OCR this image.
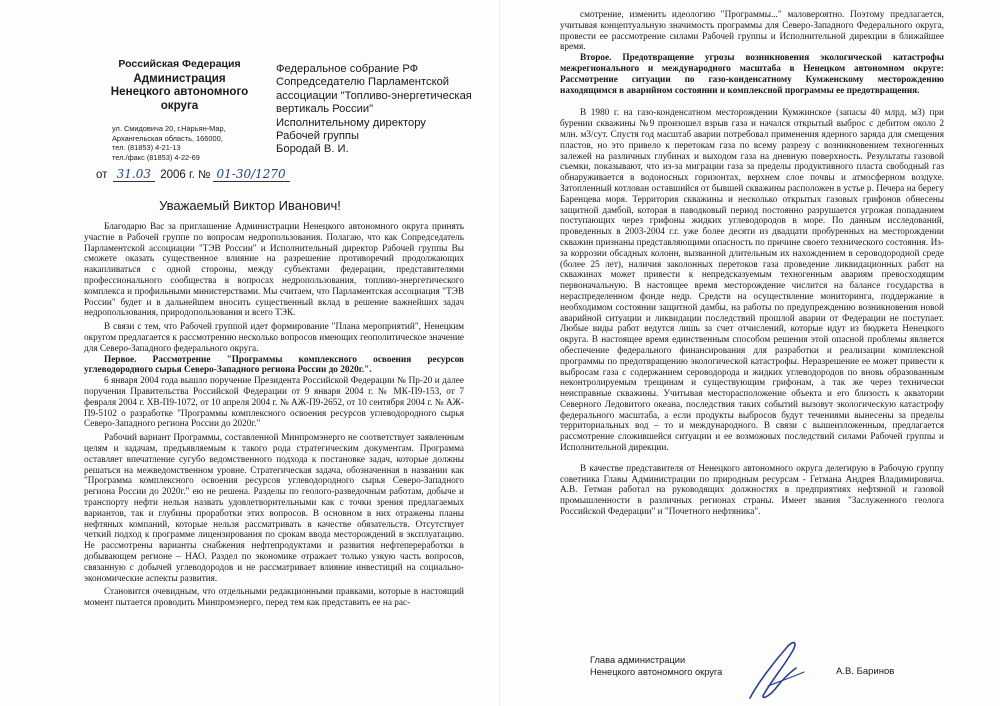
Российская Федерация
Администрация
Ненецкого автономного
округа
ул. Смидовича 20, г.Нарьян-Мар,
Архангельская область, 166000,
тел. (81853) 4-21-13
тел./факс (81853) 4-22-69
Федеральное собрание РФ
Сопредседателю Парламентской
ассоциации "Топливо-энергетическая
вертикаль России"
Исполнительному директору
Рабочей группы
Бородай В. И.
от 31.03 2006 г. № 01-30/1270
Уважаемый Виктор Иванович!

Благодарю Вас за приглашение Администрации Ненецкого автономного округа принять участие в Рабочей группе по вопросам недропользования. Полагаю, что как Сопредседатель Парламентской ассоциации "ТЭВ России" и Исполнительный директор Рабочей группы Вы сможете оказать существенное влияние на разрешение противоречий продолжающих накапливаться с одной стороны, между субъектами федерации, представителями профессионального сообщества в вопросах недропользования, топливо-энергетического комплекса и профильными министерствами. Мы считаем, что Парламентская ассоциация "ТЭВ России" будет и в дальнейшем вносить существенный вклад в решение важнейших задач недропользования, природопользования и всего ТЭК.

В связи с тем, что Рабочей группой идет формирование "Плана мероприятий", Ненецким округом предлагается к рассмотрению несколько вопросов имеющих геополитическое значение для Северо-Западного федерального округа.

Первое. Рассмотрение "Программы комплексного освоения ресурсов углеводородного сырья Северо-Западного региона России до 2020г.".

6 января 2004 года вышло поручение Президента Российской Федерации № Пр-20 и далее поручения Правительства Российской Федерации от 9 января 2004 г. № МК-П9-153, от 7 февраля 2004 г. ХВ-П9-1072, от 10 апреля 2004 г. № АЖ-П9-2652, от 10 сентября 2004 г. № АЖ-П9-5102 о разработке "Программы комплексного освоения ресурсов углеводородного сырья Северо-Западного региона России до 2020г."

Рабочий вариант Программы, составленной Минпромэнерго не соответствует заявленным целям и задачам, предъявляемым к такого рода стратегическим документам. Программа оставляет впечатление сугубо ведомственного подхода к постановке задач, которые должны решаться на межведомственном уровне. Стратегическая задача, обозначенная в названии как "Программа комплексного освоения ресурсов углеводородного сырья Северо-Западного региона России до 2020г." ею не решена. Разделы по геолого-разведочным работам, добыче и транспорту нефти нельзя назвать удовлетворительными как с точки зрения предлагаемых вариантов, так и глубины проработки этих вопросов. В основном в них отражены планы нефтяных компаний, которые нельзя рассматривать в качестве обязательств. Отсутствует четкий подход к программе лицензирования по срокам ввода месторождений в эксплуатацию. Не рассмотрены варианты снабжения нефтепродуктами и развития нефтепереработки в добывающем регионе – НАО. Раздел по экономике отражает только узкую часть вопросов, связанную с добычей углеводородов и не рассматривает влияние инвестиций на социально-экономические аспекты развития.

Становится очевидным, что отдельными редакционными правками, которые в настоящий момент пытается проводить Минпромэнерго, перед тем как представить ее на рас-

смотрение, изменить идеологию "Программы..." маловероятно. Поэтому предлагается, учитывая концептуальную значимость программы для Северо-Западного Федерального округа, провести ее рассмотрение силами Рабочей группы и Исполнительной дирекции в ближайшее время.

Второе. Предотвращение угрозы возникновения экологической катастрофы межрегионального и международного масштаба в Ненецком автономном округе: Рассмотрение ситуации по газо-конденсатному Кумженскому месторождению находящимся в аварийном состоянии и комплексной программы ее предотвращения.

В 1980 г. на газо-конденсатном месторождении Кумжинское (запасы 40 млрд. м3) при бурении скважины №9 произошел взрыв газа и начался открытый выброс с дебитом около 2 млн. м3/сут. Спустя год масштаб аварии потребовал применения ядерного заряда для смещения пластов, но это привело к перетокам газа по всему разрезу с возникновением техногенных залежей на различных глубинах и выходом газа на дневную поверхность. Результаты газовой съемки, показывают, что из-за миграции газа за пределы продуктивного пласта свободный газ обнаруживается в водоносных горизонтах, верхнем слое почвы и атмосферном воздухе. Затопленный котлован оставшийся от бывшей скважины расположен в устье р. Печера на берегу Баренцева моря. Территория скважины и несколько открытых газовых грифонов обнесены защитной дамбой, которая в паводковый период постоянно разрушается угрожая попаданием поступающих через грифоны жидких углеводородов в море. По данным исследований, проведенных в 2003-2004 г.г. уже более десяти из двадцати пробуренных на месторождении скважин признаны представляющими опасность по причине своего технического состояния. Из-за коррозии обсадных колонн, вызванной длительным их нахождением в сероводородной среде (более 25 лет), наличия заколонных перетоков газа проведение ликвидационных работ на скважинах может привести к непредсказуемым техногенным авариям превосходящим первоначальную. В настоящее время месторождение числится на балансе государства в нераспределенном фонде недр. Средств на осуществление мониторинга, поддержание в необходимом состоянии защитной дамбы, на работы по предупреждению возникновения новой аварийной ситуации и ликвидации последствий прошлой аварии от Федерации не поступает. Любые виды работ ведутся лишь за счет отчислений, которые идут из бюджета Ненецкого округа. В настоящее время единственным способом решения этой опасной проблемы является обеспечение федерального финансирования для разработки и реализации комплексной программы по предотвращению экологической катастрофы. Неразрешение ее может привести к выбросам газа с содержанием сероводорода и жидких углеводородов по вновь образованным неконтролируемым трещинам и существующим грифонам, а так же через технически неисправные скважины. Учитывая месторасположение объекта и его близость к акватории Северного Ледовитого океана, последствия таких событий вызовут экологическую катастрофу федерального масштаба, а если продукты выбросов будут течениями вынесены за пределы территориальных вод – то и международного. В связи с вышеизложенным, предлагается рассмотрение сложившейся ситуации и ее возможных последствий силами Рабочей группы и Исполнительной дирекции.

В качестве представителя от Ненецкого автономного округа делегирую в Рабочую группу советника Главы Администрации по природным ресурсам - Гетмана Андрея Владимировича. А.В. Гетман работал на руководящих должностях в предприятиях нефтяной и газовой промышленности в различных регионах страны. Имеет звания "Заслуженного геолога Российской Федерации" и "Почетного нефтяника".

Глава администрации
Ненецкого автономного округа	А.В. Баринов
